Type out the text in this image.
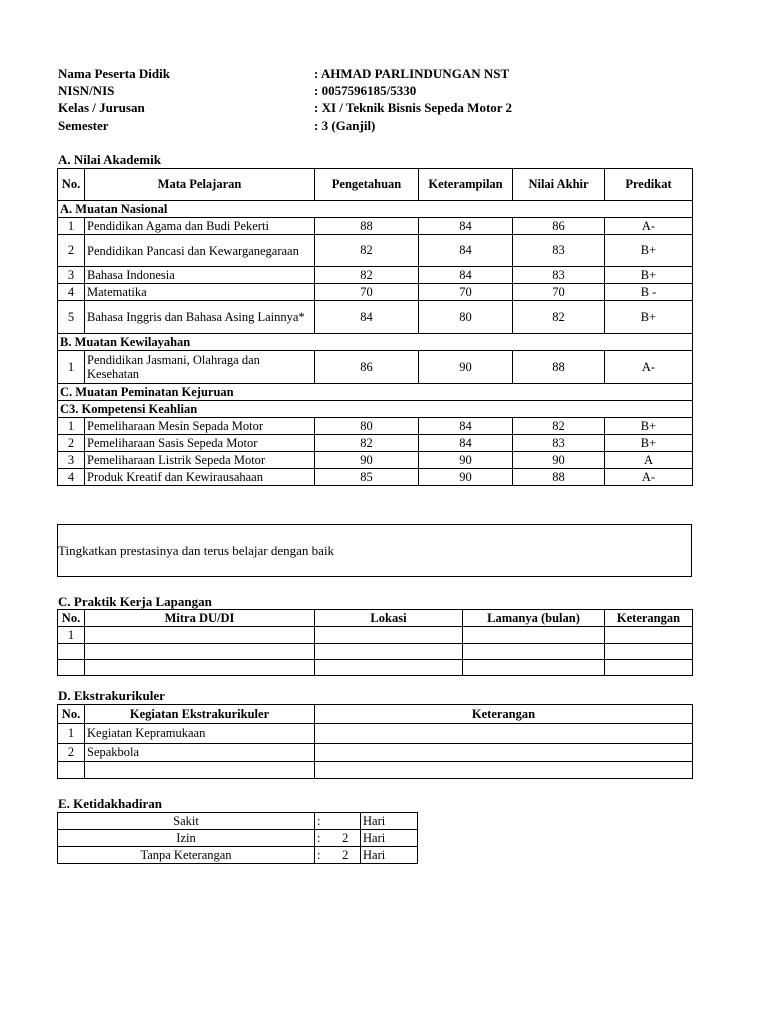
Nama Peserta Didik	: AHMAD PARLINDUNGAN NST
NISN/NIS	: 0057596185/5330
Kelas / Jurusan	: XI / Teknik Bisnis Sepeda Motor 2
Semester	: 3 (Ganjil)
A. Nilai Akademik
No.	Mata Pelajaran	Pengetahuan	Keterampilan	Nilai Akhir	Predikat
A. Muatan Nasional					
1	Pendidikan Agama dan Budi Pekerti	88	84	86	A-
2	Pendidikan Pancasi dan Kewarganegaraan	82	84	83	B+
3	Bahasa Indonesia	82	84	83	B+
4	Matematika	70	70	70	B -
5	Bahasa Inggris dan Bahasa Asing Lainnya*	84	80	82	B+
B. Muatan Kewilayahan					
1	Pendidikan Jasmani, Olahraga dan Kesehatan	86	90	88	A-
C. Muatan Peminatan Kejuruan					
C3. Kompetensi Keahlian					
1	Pemeliharaan Mesin Sepada Motor	80	84	82	B+
2	Pemeliharaan Sasis Sepeda Motor	82	84	83	B+
3	Pemeliharaan Listrik Sepeda Motor	90	90	90	A
4	Produk Kreatif dan Kewirausahaan	85	90	88	A-
Tingkatkan prestasinya dan terus belajar dengan baik
C. Praktik Kerja Lapangan
No.	Mitra DU/DI	Lokasi	Lamanya (bulan)	Keterangan
1				

D. Ekstrakurikuler
No.	Kegiatan Ekstrakurikuler	Keterangan
1	Kegiatan Kepramukaan	
2	Sepakbola	

E. Ketidakhadiran
Sakit	:		Hari
Izin	:	2	Hari
Tanpa Keterangan	:	2	Hari
